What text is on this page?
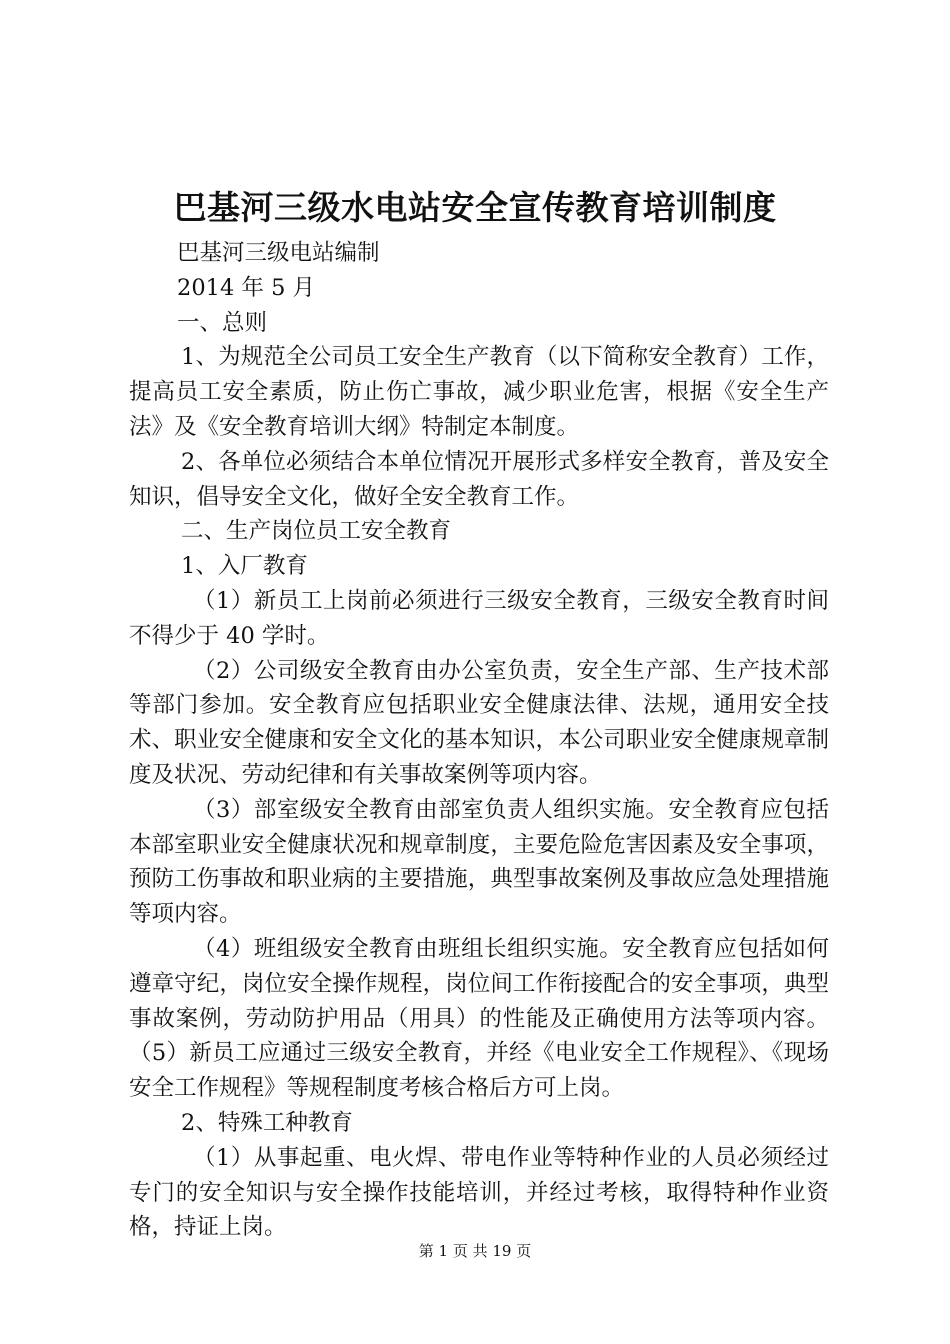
巴基河三级水电站安全宣传教育培训制度

巴基河三级电站编制

2014 年 5 月

一、总则

1、为规范全公司员工安全生产教育（以下简称安全教育）工作，提高员工安全素质，防止伤亡事故，减少职业危害，根据《安全生产法》及《安全教育培训大纲》特制定本制度。

2、各单位必须结合本单位情况开展形式多样安全教育，普及安全知识，倡导安全文化，做好全安全教育工作。

二、生产岗位员工安全教育

1、入厂教育

（1）新员工上岗前必须进行三级安全教育，三级安全教育时间不得少于 40 学时。

（2）公司级安全教育由办公室负责，安全生产部、生产技术部等部门参加。安全教育应包括职业安全健康法律、法规，通用安全技术、职业安全健康和安全文化的基本知识，本公司职业安全健康规章制度及状况、劳动纪律和有关事故案例等项内容。

（3）部室级安全教育由部室负责人组织实施。安全教育应包括本部室职业安全健康状况和规章制度，主要危险危害因素及安全事项，预防工伤事故和职业病的主要措施，典型事故案例及事故应急处理措施等项内容。

（4）班组级安全教育由班组长组织实施。安全教育应包括如何遵章守纪，岗位安全操作规程，岗位间工作衔接配合的安全事项，典型事故案例，劳动防护用品（用具）的性能及正确使用方法等项内容。（5）新员工应通过三级安全教育，并经《电业安全工作规程》、《现场安全工作规程》等规程制度考核合格后方可上岗。

2、特殊工种教育

（1）从事起重、电火焊、带电作业等特种作业的人员必须经过专门的安全知识与安全操作技能培训，并经过考核，取得特种作业资格，持证上岗。

第 1 页 共 19 页
